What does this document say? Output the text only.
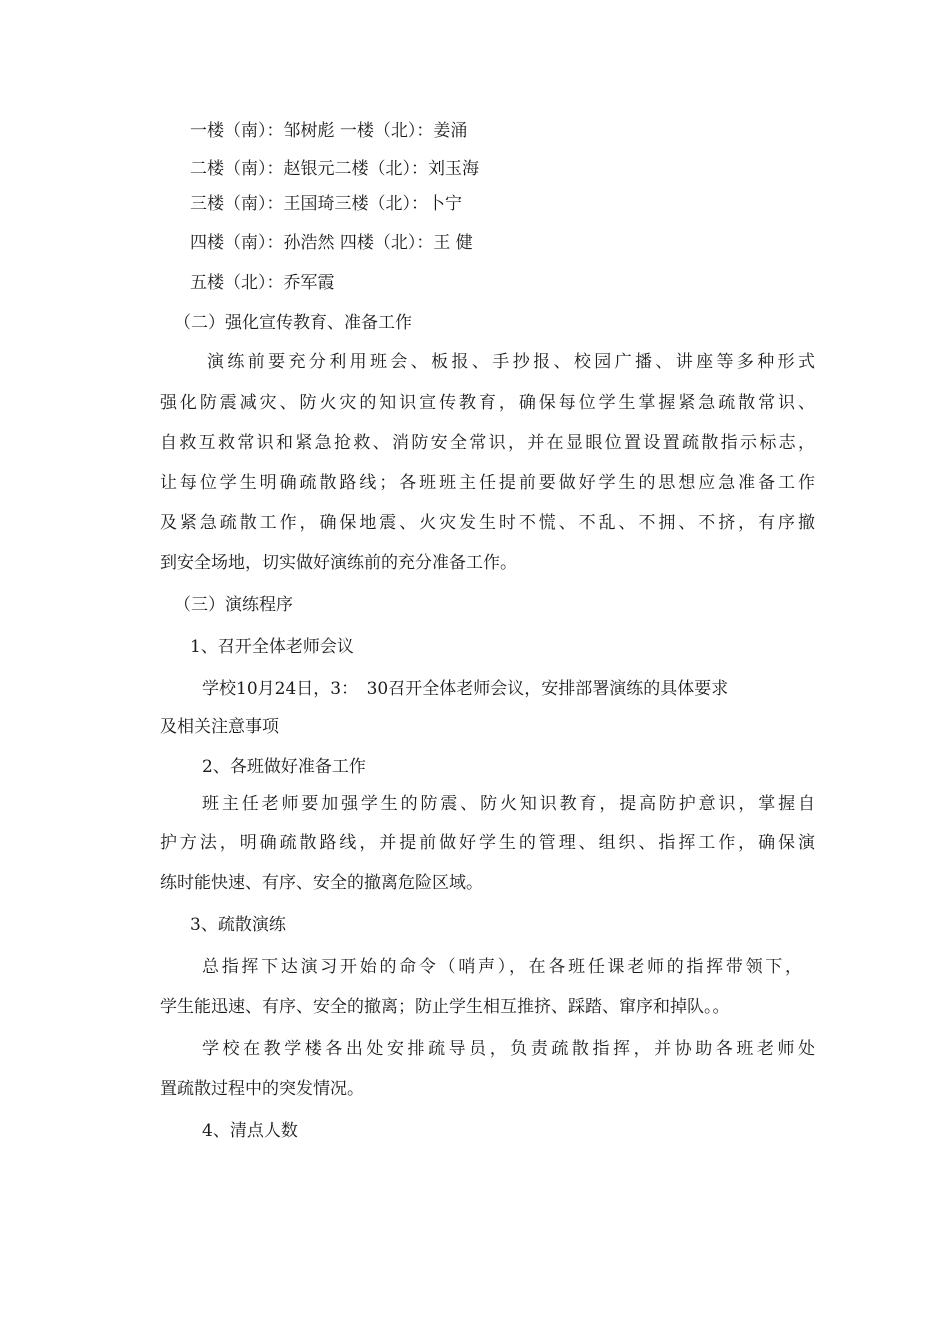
一楼（南）：邹树彪 一楼（北）：姜涌
二楼（南）：赵银元二楼（北）：刘玉海
三楼（南）：王国琦三楼（北）：卜宁
四楼（南）：孙浩然 四楼（北）：王 健
五楼（北）：乔军霞
（二）强化宣传教育、准备工作
演练前要充分利用班会、板报、手抄报、校园广播、讲座等多种形式
强化防震减灾、防火灾的知识宣传教育，确保每位学生掌握紧急疏散常识、
自救互救常识和紧急抢救、消防安全常识，并在显眼位置设置疏散指示标志，
让每位学生明确疏散路线；各班班主任提前要做好学生的思想应急准备工作
及紧急疏散工作，确保地震、火灾发生时不慌、不乱、不拥、不挤，有序撤
到安全场地，切实做好演练前的充分准备工作。
（三）演练程序
1、召开全体老师会议
学校10月24日，3：　30召开全体老师会议，安排部署演练的具体要求
及相关注意事项
2、各班做好准备工作
班主任老师要加强学生的防震、防火知识教育，提高防护意识，掌握自
护方法，明确疏散路线，并提前做好学生的管理、组织、指挥工作，确保演
练时能快速、有序、安全的撤离危险区域。
3、疏散演练
总指挥下达演习开始的命令（哨声），在各班任课老师的指挥带领下，
学生能迅速、有序、安全的撤离；防止学生相互推挤、踩踏、窜序和掉队。。
学校在教学楼各出处安排疏导员，负责疏散指挥，并协助各班老师处
置疏散过程中的突发情况。
4、清点人数
